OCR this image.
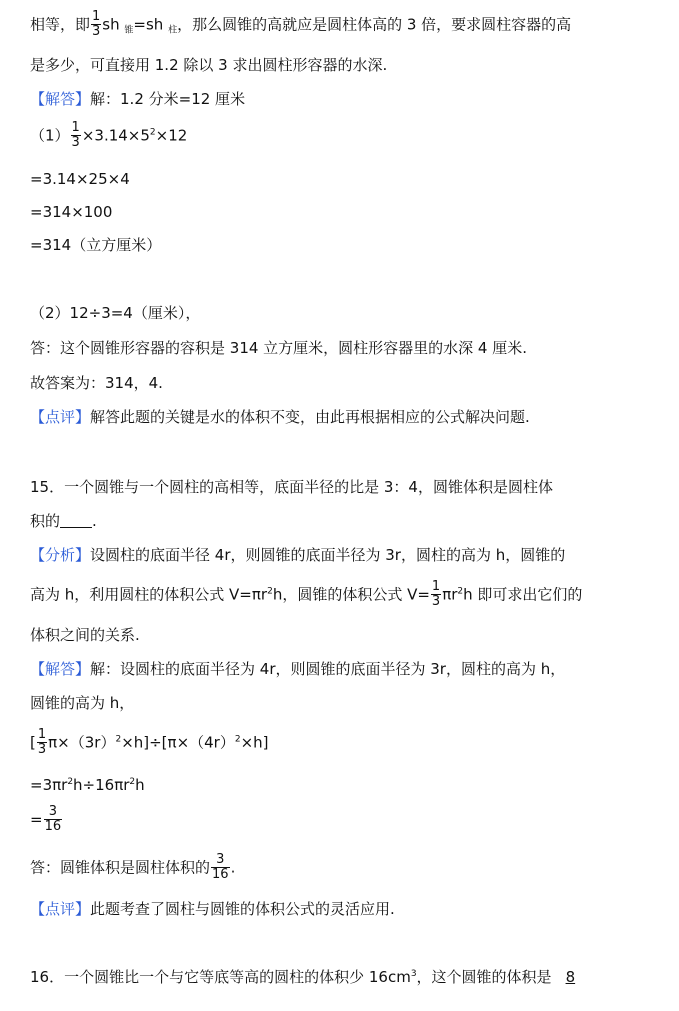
相等，即 $\frac{1}{3}$ sh $_锥$=sh $_柱$，那么圆锥的高就应是圆柱体高的 3 倍，要求圆柱容器的高
是多少，可直接用 1.2 除以 3 求出圆柱形容器的水深.
【解答】解：1.2 分米=12 厘米
$(1) \frac{1}{3} \times 3.14\times 5^2\times 12$
=3.14×25×4
=314×100
=314（立方厘米）
（2）12÷3=4（厘米），
答：这个圆锥形容器的容积是 314 立方厘米，圆柱形容器里的水深 4 厘米.
故答案为：314，4.
【点评】解答此题的关键是水的体积不变，由此再根据相应的公式解决问题.
15．一个圆锥与一个圆柱的高相等，底面半径的比是 3：4，圆锥体积是圆柱体
积的 .
【分析】设圆柱的底面半径 4r，则圆锥的底面半径为 3r，圆柱的高为 h，圆锥的
高为 h，利用圆柱的体积公式 $V=\pi r^2h$，圆锥的体积公式 $V= \frac{1}{3} \pi r^2h$ 即可求出它们的
体积之间的关系.
【解答】解：设圆柱的底面半径为 4r，则圆锥的底面半径为 3r，圆柱的高为 h，
圆锥的高为 h，
[ $\frac{1}{3} \pi\times(3r)^2\times h]\div[\pi\times(4r)^2\times h]$
$=3\pi r^2h\div 16\pi r^2h$
= $\frac{3}{16}$
答：圆锥体积是圆柱体积的 $\frac{3}{16}$ .
【点评】此题考查了圆柱与圆锥的体积公式的灵活应用.
16．一个圆锥比一个与它等底等高的圆柱的体积少 $16cm^3$，这个圆锥的体积是 8
